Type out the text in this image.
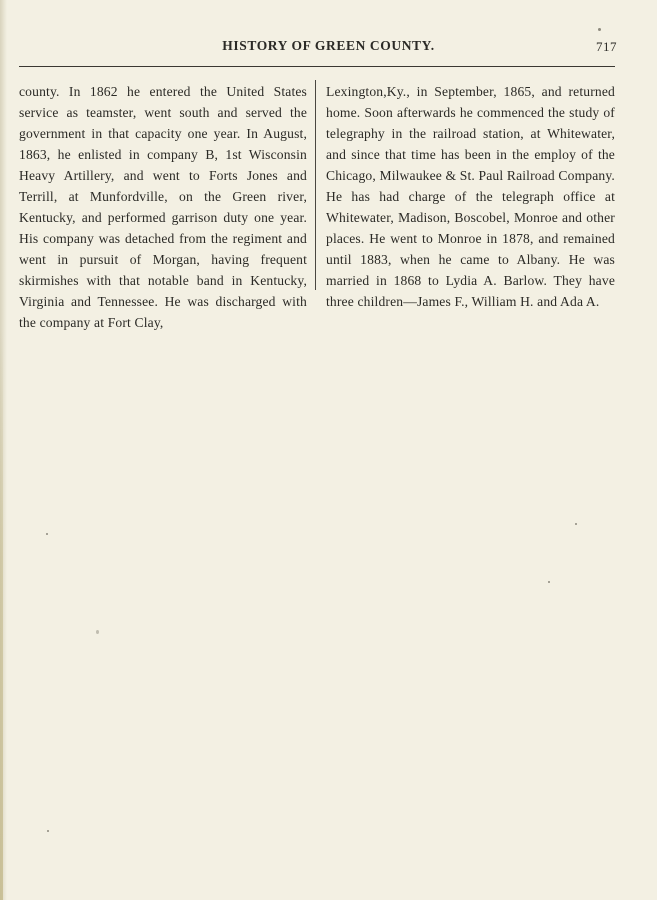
HISTORY OF GREEN COUNTY.	717
county. In 1862 he entered the United States service as teamster, went south and served the government in that capacity one year. In August, 1863, he enlisted in company B, 1st Wisconsin Heavy Artillery, and went to Forts Jones and Terrill, at Munfordville, on the Green river, Kentucky, and performed garrison duty one year. His company was detached from the regiment and went in pursuit of Morgan, having frequent skirmishes with that notable band in Kentucky, Virginia and Tennessee. He was discharged with the company at Fort Clay,
Lexington,Ky., in September, 1865, and returned home. Soon afterwards he commenced the study of telegraphy in the railroad station, at Whitewater, and since that time has been in the employ of the Chicago, Milwaukee & St. Paul Railroad Company. He has had charge of the telegraph office at Whitewater, Madison, Boscobel, Monroe and other places. He went to Monroe in 1878, and remained until 1883, when he came to Albany. He was married in 1868 to Lydia A. Barlow. They have three children—James F., William H. and Ada A.
